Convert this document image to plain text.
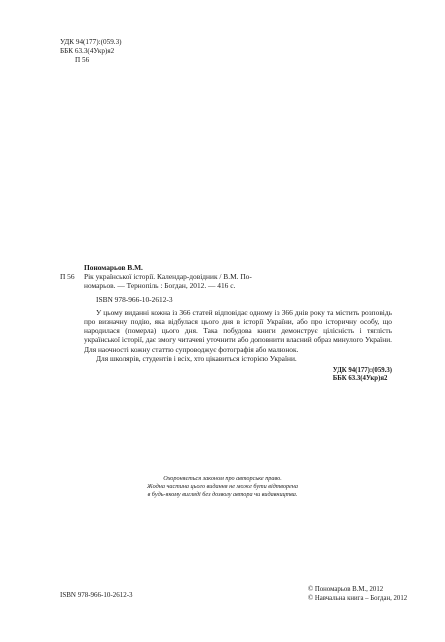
УДК 94(177):(059.3)
ББК 63.3(4Укр)я2
П 56
Пономарьов В.М.
П 56	Рік української історії. Календар-довідник / В.М. По-
номарьов. — Тернопіль : Богдан, 2012. — 416 с.
ISBN 978-966-10-2612-3

У цьому виданні кожна із 366 статей відповідає одному із 366 днів року та містить розповідь про визначну подію, яка відбулася цього дня в історії України, або про історичну особу, що народилася (померла) цього дня. Така побудова книги демонструє цілісність і тяглість української історії, дає змогу читачеві уточнити або доповнити власний образ минулого України. Для наочності кожну статтю супроводжує фотографія або малюнок.

Для школярів, студентів і всіх, хто цікавиться історією України.

УДК 94(177):(059.3)
ББК 63.3(4Укр)я2
Охороняється законом про авторське право.
Жодна частина цього видання не може бути відтворена
в будь-якому вигляді без дозволу автора чи видавництва.
ISBN 978-966-10-2612-3
© Пономарьов В.М., 2012
© Навчальна книга – Богдан, 2012
